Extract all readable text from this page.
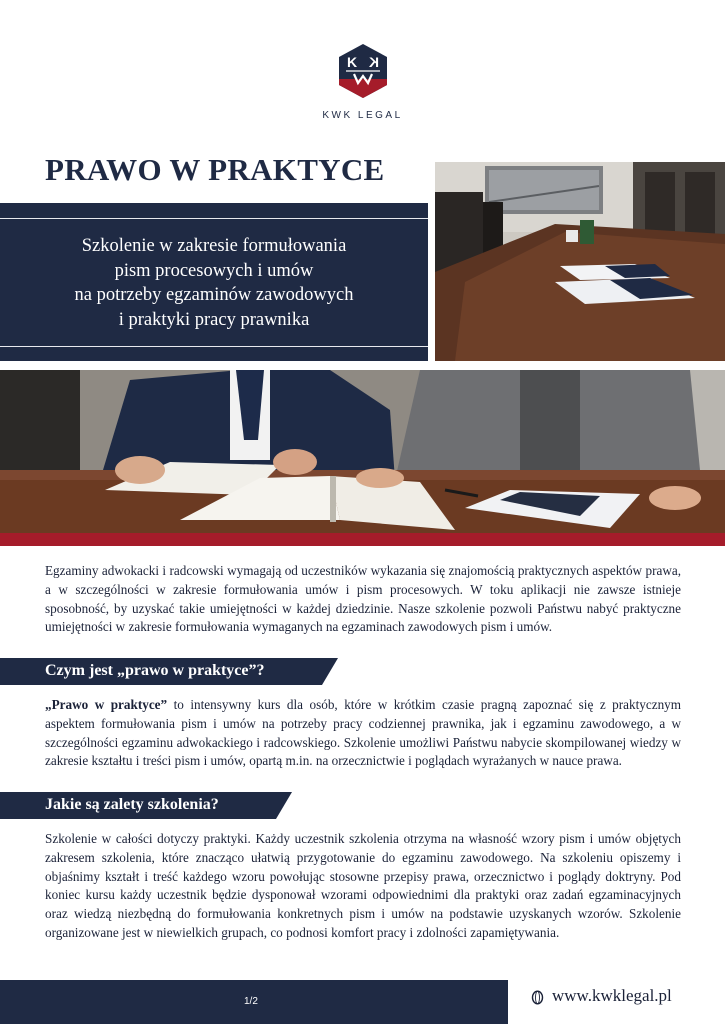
K K
KWK LEGAL
PRAWO W PRAKTYCE
Szkolenie w zakresie formułowania
pism procesowych i umów
na potrzeby egzaminów zawodowych
i praktyki pracy prawnika
Egzaminy adwokacki i radcowski wymagają od uczestników wykazania się znajomością praktycznych aspektów prawa, a w szczególności w zakresie formułowania umów i pism procesowych. W toku aplikacji nie zawsze istnieje sposobność, by uzyskać takie umiejętności w każdej dziedzinie. Nasze szkolenie pozwoli Państwu nabyć praktyczne umiejętności w zakresie formułowania wymaganych na egzaminach zawodowych pism i umów.
Czym jest „prawo w praktyce”?
„Prawo w praktyce” to intensywny kurs dla osób, które w krótkim czasie pragną zapoznać się z praktycznym aspektem formułowania pism i umów na potrzeby pracy codziennej prawnika, jak i egzaminu zawodowego, a w szczególności egzaminu adwokackiego i radcowskiego. Szkolenie umożliwi Państwu nabycie skompilowanej wiedzy w zakresie kształtu i treści pism i umów, opartą m.in. na orzecznictwie i poglądach wyrażanych w nauce prawa.
Jakie są zalety szkolenia?
Szkolenie w całości dotyczy praktyki. Każdy uczestnik szkolenia otrzyma na własność wzory pism i umów objętych zakresem szkolenia, które znacząco ułatwią przygotowanie do egzaminu zawodowego. Na szkoleniu opiszemy i objaśnimy kształt i treść każdego wzoru powołując stosowne przepisy prawa, orzecznictwo i poglądy doktryny. Pod koniec kursu każdy uczestnik będzie dysponował wzorami odpowiednimi dla praktyki oraz zadań egzaminacyjnych oraz wiedzą niezbędną do formułowania konkretnych pism i umów na podstawie uzyskanych wzorów. Szkolenie organizowane jest w niewielkich grupach, co podnosi komfort pracy i zdolności zapamiętywania.
1/2	www.kwklegal.pl
